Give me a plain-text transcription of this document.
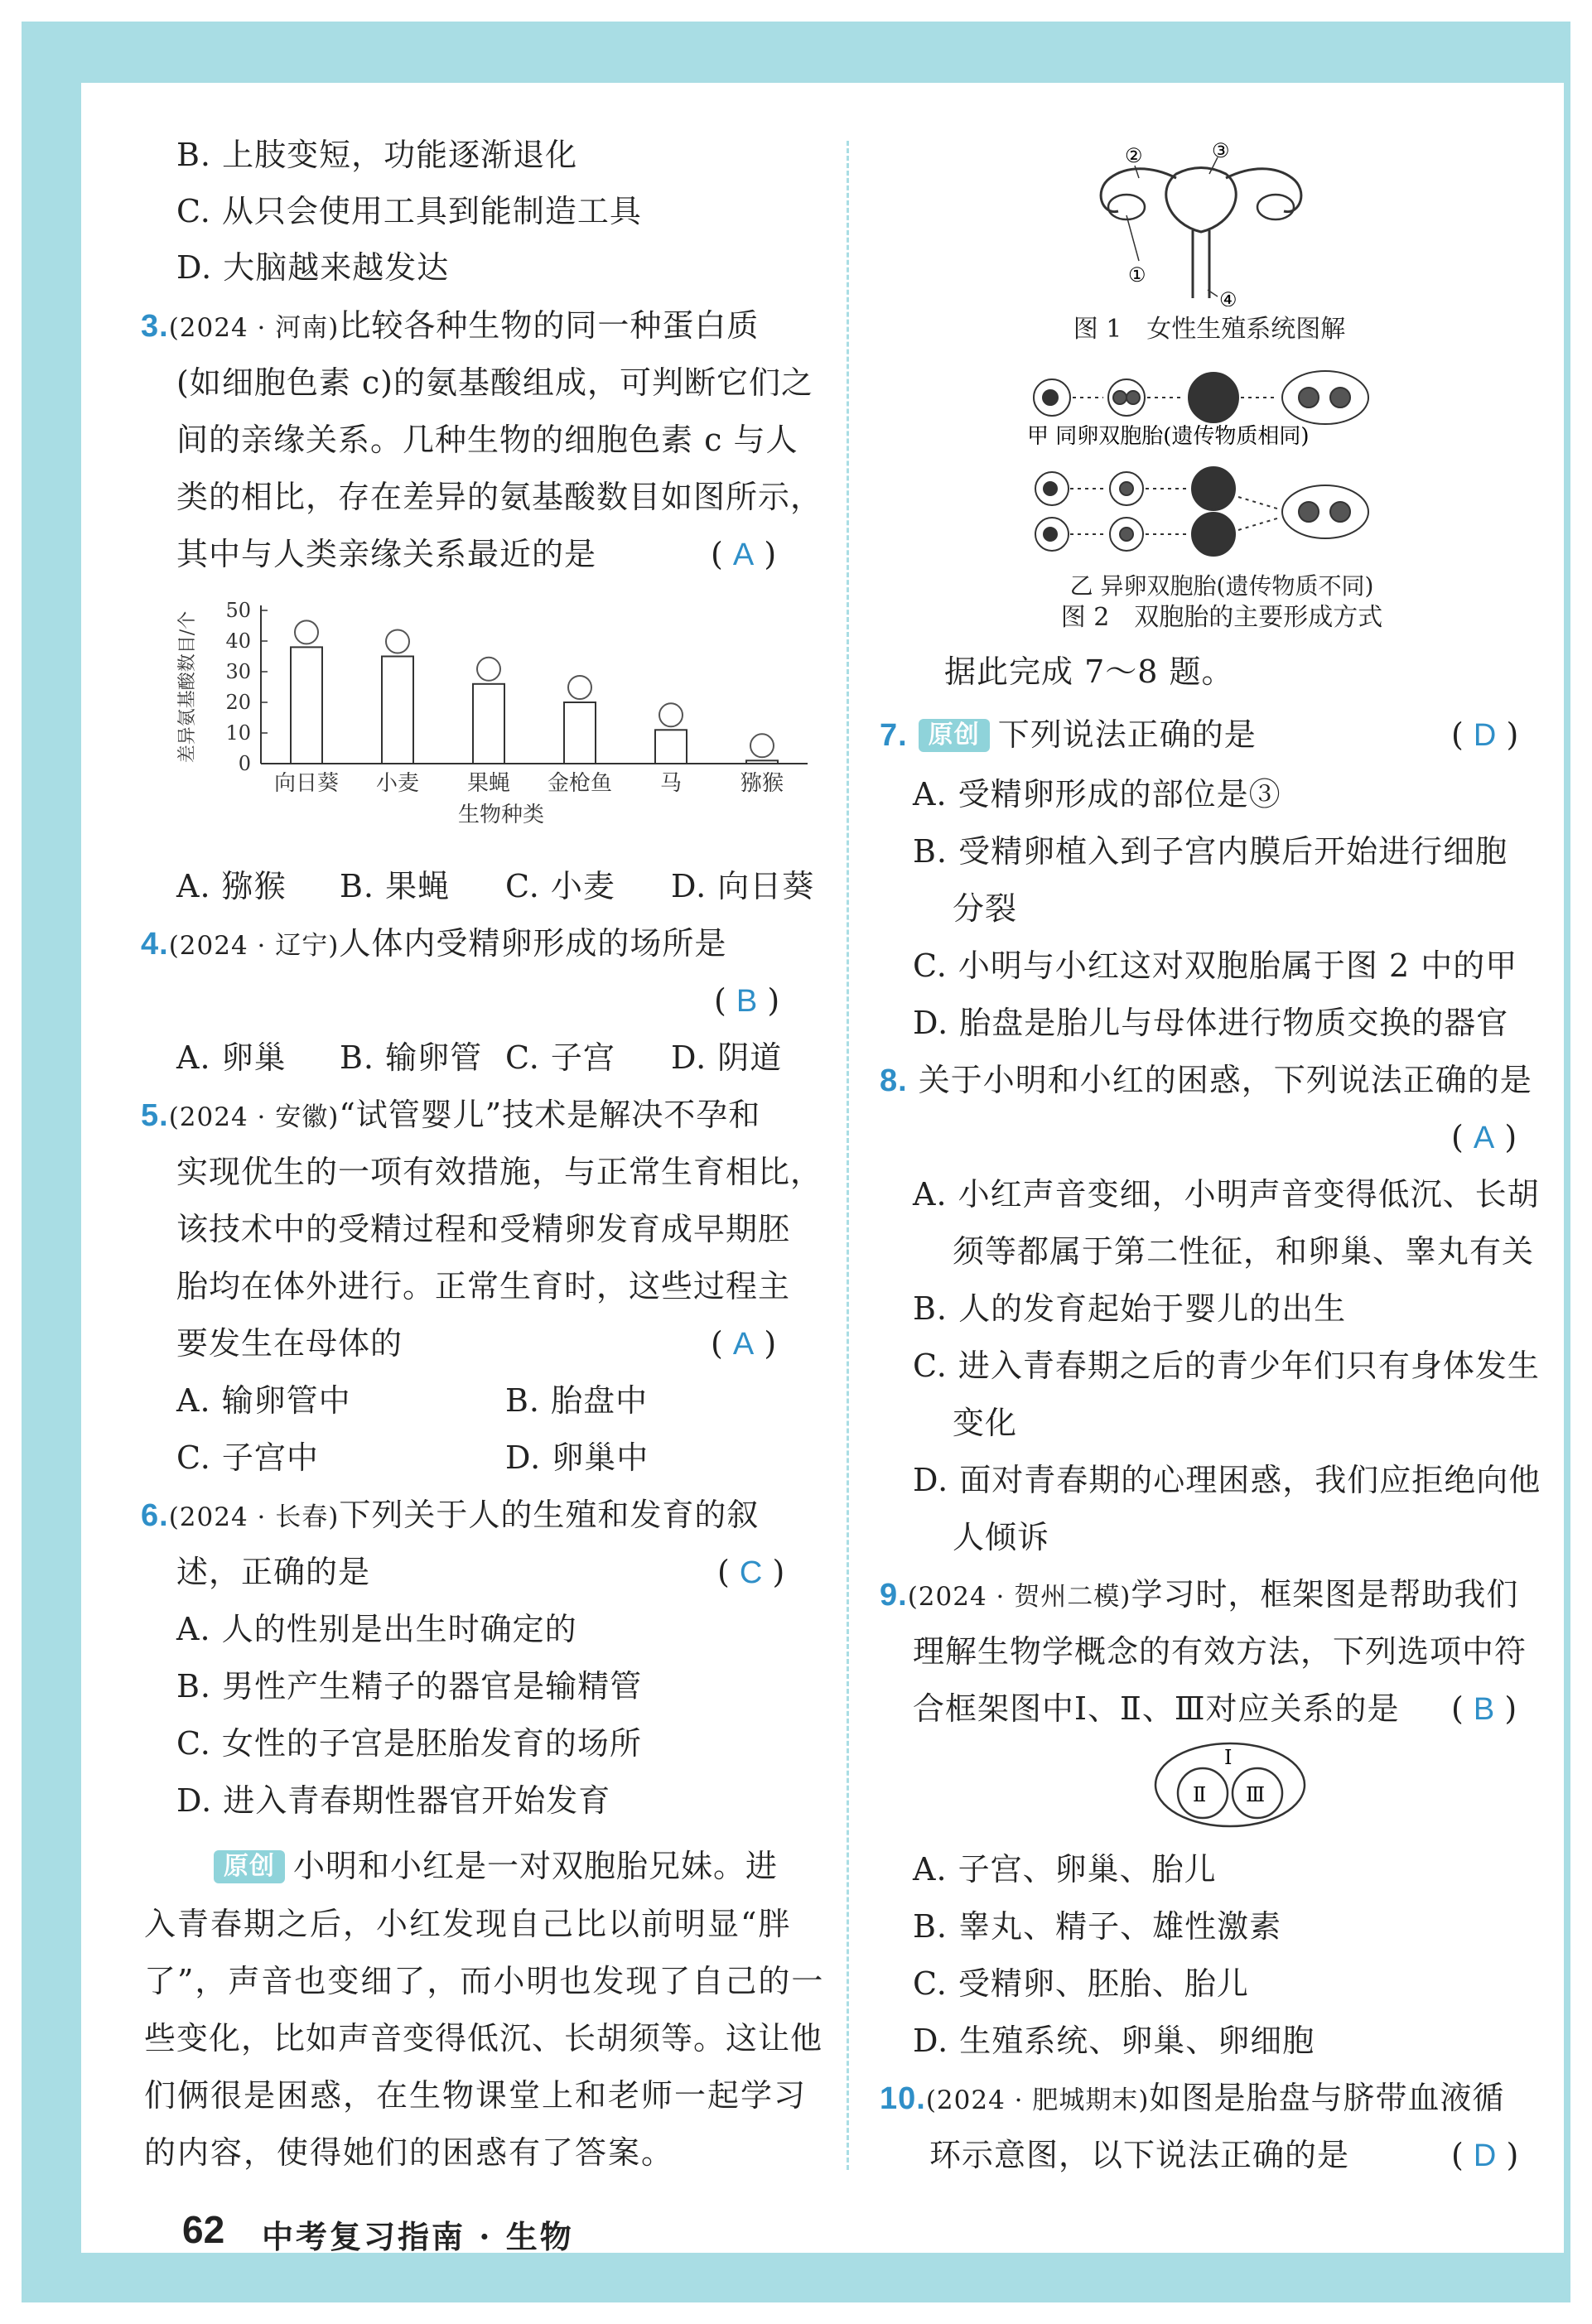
B. 上肢变短，功能逐渐退化
C. 从只会使用工具到能制造工具
D. 大脑越来越发达
3.(2024 · 河南)比较各种生物的同一种蛋白质
(如细胞色素 c)的氨基酸组成，可判断它们之
间的亲缘关系。几种生物的细胞色素 c 与人
类的相比，存在差异的氨基酸数目如图所示，
其中与人类亲缘关系最近的是	( A )
0
10
20
30
40
50
向日葵 小麦 果蝇 金枪鱼 马	猕猴
生物种类
差异氨基酸数目/个
A. 猕猴 B. 果蝇 C. 小麦 D. 向日葵
4.(2024 · 辽宁)人体内受精卵形成的场所是
( B )
A. 卵巢 B. 输卵管 C. 子宫 D. 阴道
5.(2024 · 安徽)“试管婴儿”技术是解决不孕和
实现优生的一项有效措施，与正常生育相比，
该技术中的受精过程和受精卵发育成早期胚
胎均在体外进行。正常生育时，这些过程主
要发生在母体的	( A )
A. 输卵管中	B. 胎盘中
C. 子宫中	D. 卵巢中
6.(2024 · 长春)下列关于人的生殖和发育的叙
述，正确的是	( C )
A. 人的性别是出生时确定的
B. 男性产生精子的器官是输精管
C. 女性的子宫是胚胎发育的场所
D. 进入青春期性器官开始发育
原创 小明和小红是一对双胞胎兄妹。进
入青春期之后，小红发现自己比以前明显“胖
了”，声音也变细了，而小明也发现了自己的一
些变化，比如声音变得低沉、长胡须等。这让他
们俩很是困惑，在生物课堂上和老师一起学习
的内容，使得她们的困惑有了答案。
②	③
①
④
图 1　女性生殖系统图解
甲 同卵双胞胎(遗传物质相同)
乙 异卵双胞胎(遗传物质不同)
图 2　双胞胎的主要形成方式
据此完成 7～8 题。
7. 原创 下列说法正确的是	( D )
A. 受精卵形成的部位是③
B. 受精卵植入到子宫内膜后开始进行细胞
分裂
C. 小明与小红这对双胞胎属于图 2 中的甲
D. 胎盘是胎儿与母体进行物质交换的器官
8. 关于小明和小红的困惑，下列说法正确的是
( A )
A. 小红声音变细，小明声音变得低沉、长胡
须等都属于第二性征，和卵巢、睾丸有关
B. 人的发育起始于婴儿的出生
C. 进入青春期之后的青少年们只有身体发生
变化
D. 面对青春期的心理困惑，我们应拒绝向他
人倾诉
9.(2024 · 贺州二模)学习时，框架图是帮助我们
理解生物学概念的有效方法，下列选项中符
合框架图中Ⅰ、Ⅱ、Ⅲ对应关系的是 ( B )
Ⅰ
Ⅱ Ⅲ
A. 子宫、卵巢、胎儿
B. 睾丸、精子、雄性激素
C. 受精卵、胚胎、胎儿
D. 生殖系统、卵巢、卵细胞
10.(2024 · 肥城期末)如图是胎盘与脐带血液循
环示意图，以下说法正确的是	( D )
62 中考复习指南 · 生物
